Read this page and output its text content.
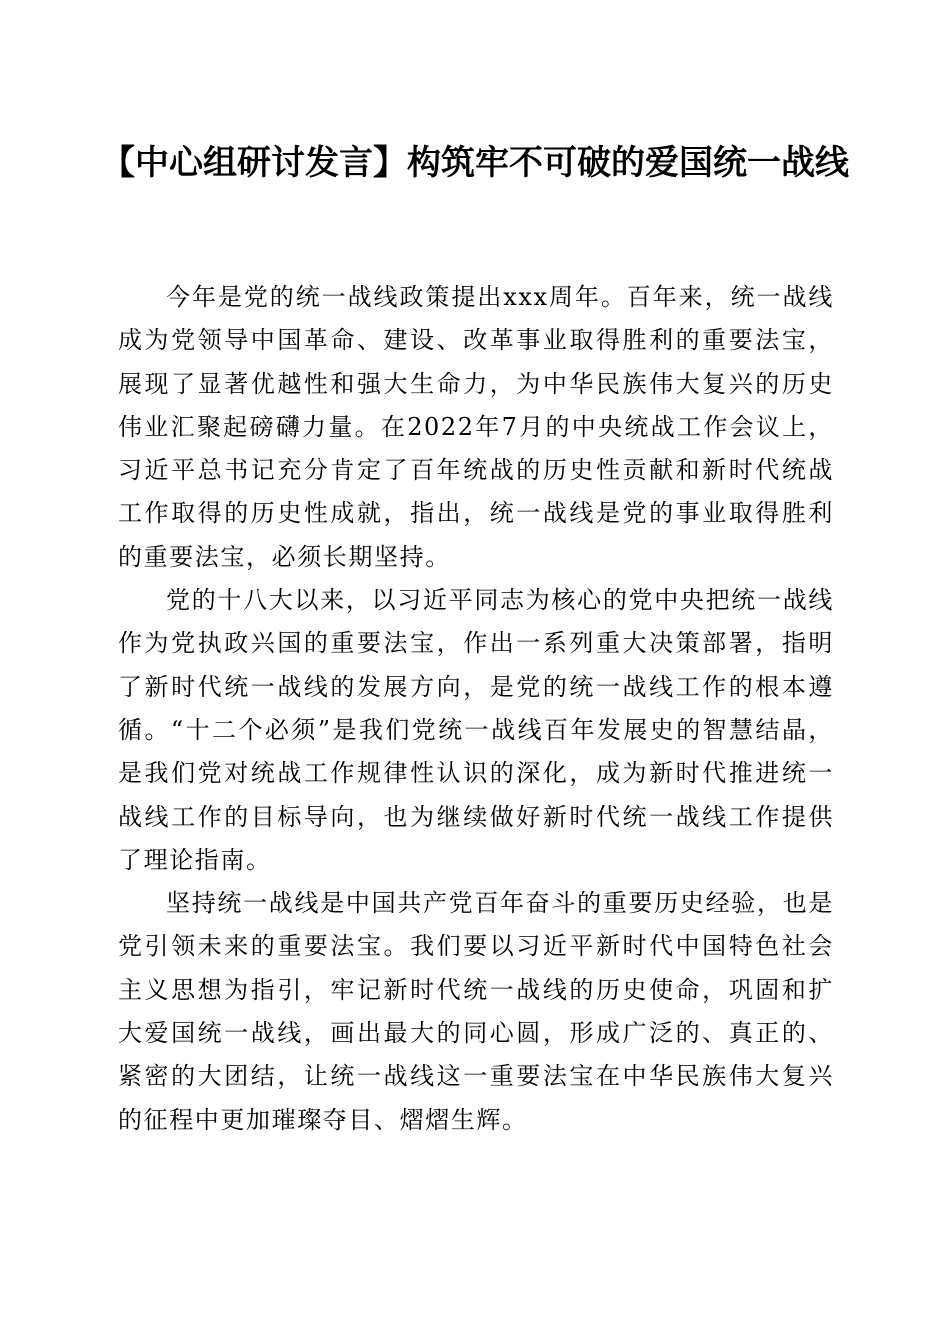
【中心组研讨发言】构筑牢不可破的爱国统一战线

今年是党的统一战线政策提出xxx周年。百年来，统一战线成为党领导中国革命、建设、改革事业取得胜利的重要法宝，展现了显著优越性和强大生命力，为中华民族伟大复兴的历史伟业汇聚起磅礴力量。在2022年7月的中央统战工作会议上，习近平总书记充分肯定了百年统战的历史性贡献和新时代统战工作取得的历史性成就，指出，统一战线是党的事业取得胜利的重要法宝，必须长期坚持。

党的十八大以来，以习近平同志为核心的党中央把统一战线作为党执政兴国的重要法宝，作出一系列重大决策部署，指明了新时代统一战线的发展方向，是党的统一战线工作的根本遵循。“十二个必须”是我们党统一战线百年发展史的智慧结晶，是我们党对统战工作规律性认识的深化，成为新时代推进统一战线工作的目标导向，也为继续做好新时代统一战线工作提供了理论指南。

坚持统一战线是中国共产党百年奋斗的重要历史经验，也是党引领未来的重要法宝。我们要以习近平新时代中国特色社会主义思想为指引，牢记新时代统一战线的历史使命，巩固和扩大爱国统一战线，画出最大的同心圆，形成广泛的、真正的、紧密的大团结，让统一战线这一重要法宝在中华民族伟大复兴的征程中更加璀璨夺目、熠熠生辉。
